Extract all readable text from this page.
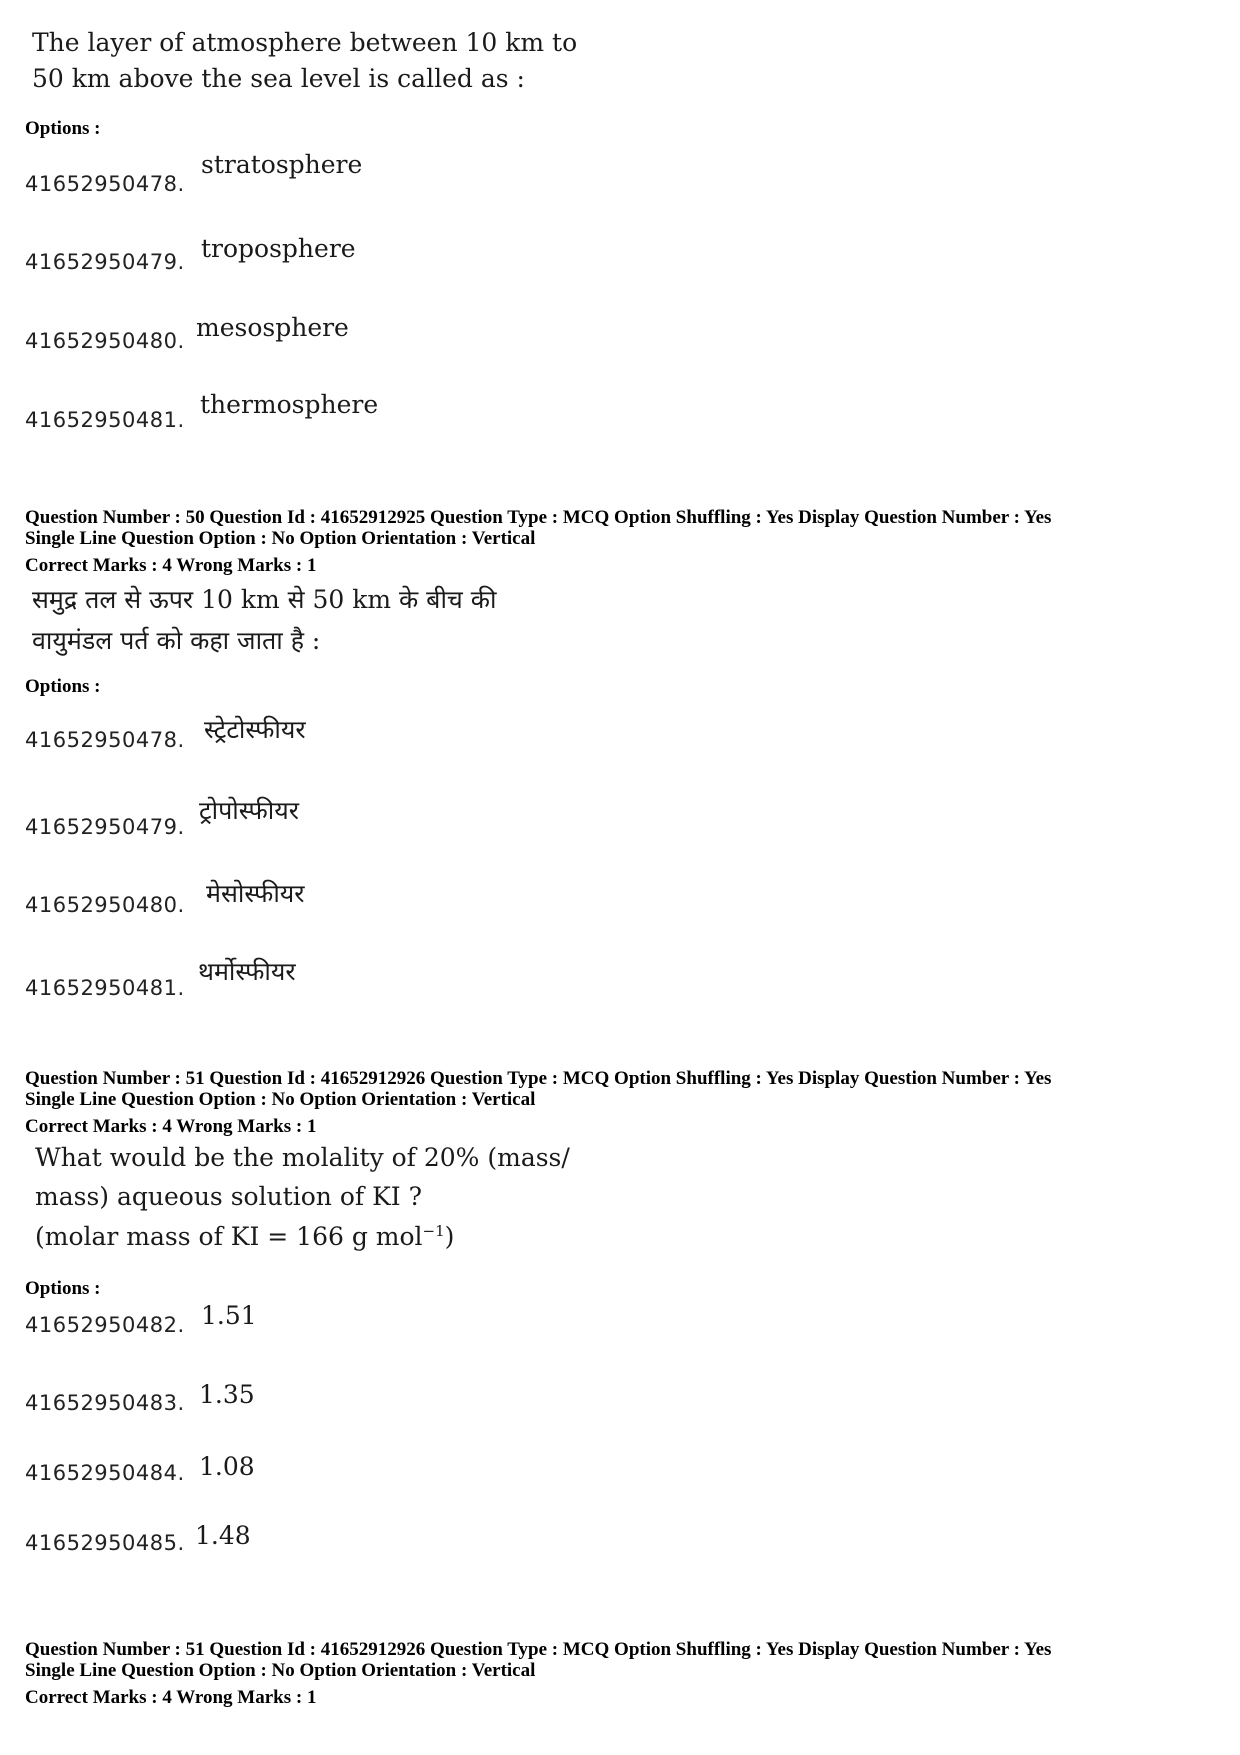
The layer of atmosphere between 10 km to
50 km above the sea level is called as :
Options :
41652950478.
stratosphere
41652950479. troposphere
41652950480. mesosphere
41652950481.
thermosphere
Question Number : 50 Question Id : 41652912925 Question Type : MCQ Option Shuffling : Yes Display Question Number : Yes
Single Line Question Option : No Option Orientation : Vertical
Correct Marks : 4 Wrong Marks : 1
समुद्र तल से ऊपर 10 km से 50 km के बीच की
वायुमंडल पर्त को कहा जाता है :
Options :
41652950478. स्ट्रेटोस्फीयर
41652950479.
ट्रोपोस्फीयर
41652950480. मेसोस्फीयर
41652950481.
थर्मोस्फीयर
Question Number : 51 Question Id : 41652912926 Question Type : MCQ Option Shuffling : Yes Display Question Number : Yes
Single Line Question Option : No Option Orientation : Vertical
Correct Marks : 4 Wrong Marks : 1
What would be the molality of 20% (mass/
mass) aqueous solution of KI ?
(molar mass of KI = 166 g mol$^{-1}$)
Options :
41652950482. 1.51
41652950483. 1.35
41652950484. 1.08
41652950485. 1.48
Question Number : 51 Question Id : 41652912926 Question Type : MCQ Option Shuffling : Yes Display Question Number : Yes
Single Line Question Option : No Option Orientation : Vertical
Correct Marks : 4 Wrong Marks : 1
